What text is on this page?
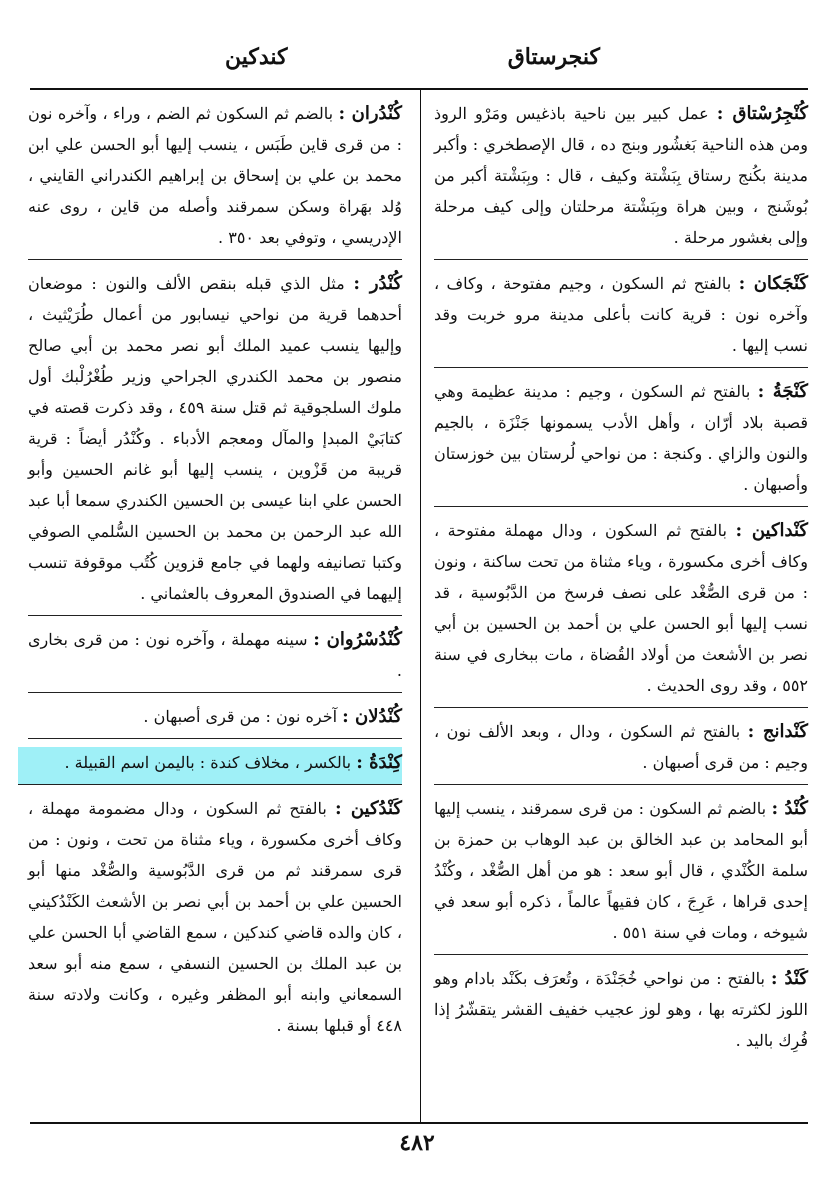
كنجرستاق
كندكين
كُنْجِرُسْتاق : عمل كبير بين ناحية باذغيس ومَرْو الروذ ومن هذه الناحية بَغشُور وبنج ده ، قال الإصطخري : وأكبر مدينة بكُنج رستاق بِبَشْتة وكيف ، قال : وبِبَشْتة أكبر من بُوشَنج ، وبين هراة وبِبَشْتة مرحلتان وإلى كيف مرحلة وإلى بغشور مرحلة .
كَنْجَكان : بالفتح ثم السكون ، وجيم مفتوحة ، وكاف ، وآخره نون : قرية كانت بأعلى مدينة مرو خربت وقد نسب إليها .
كَنْجَةُ : بالفتح ثم السكون ، وجيم : مدينة عظيمة وهي قصبة بلاد أرّان ، وأهل الأدب يسمونها جَنْزَة ، بالجيم والنون والزاي . وكنجة : من نواحي لُرستان بين خوزستان وأصبهان .
كَنْداكين : بالفتح ثم السكون ، ودال مهملة مفتوحة ، وكاف أخرى مكسورة ، وياء مثناة من تحت ساكنة ، ونون : من قرى الصُّغْد على نصف فرسخ من الدَّبُوسية ، قد نسب إليها أبو الحسن علي بن أحمد بن الحسين بن أبي نصر بن الأشعث من أولاد القُضاة ، مات ببخارى في سنة ٥٥٢ ، وقد روى الحديث .
كَنْدانج : بالفتح ثم السكون ، ودال ، وبعد الألف نون ، وجيم : من قرى أصبهان .
كُنْدُ : بالضم ثم السكون : من قرى سمرقند ، ينسب إليها أبو المحامد بن عبد الخالق بن عبد الوهاب بن حمزة بن سلمة الكُنْدي ، قال أبو سعد : هو من أهل الصُّغْد ، وكُنْدُ إحدى قراها ، عَرِجَ ، كان فقيهاً عالماً ، ذكره أبو سعد في شيوخه ، ومات في سنة ٥٥١ .
كَنْدُ : بالفتح : من نواحي خُجَنْدَة ، وتُعرَف بكَنْد بادام وهو اللوز لكثرته بها ، وهو لوز عجيب خفيف القشر يتقشّرُ إذا فُرِك باليد .
كُنْدُران : بالضم ثم السكون ثم الضم ، وراء ، وآخره نون : من قرى قاين طَبَس ، ينسب إليها أبو الحسن علي ابن محمد بن علي بن إسحاق بن إبراهيم الكندراني القايني ، وُلد بهَراة وسكن سمرقند وأصله من قاين ، روى عنه الإدريسي ، وتوفي بعد ٣٥٠ .
كُنْدُر : مثل الذي قبله بنقص الألف والنون : موضعان أحدهما قرية من نواحي نيسابور من أعمال طُرَيْثيث ، وإليها ينسب عميد الملك أبو نصر محمد بن أبي صالح منصور بن محمد الكندري الجراحي وزير طُغْرُلْبك أول ملوك السلجوقية ثم قتل سنة ٤٥٩ ، وقد ذكرت قصته في كتابَيْ المبدإ والمآل ومعجم الأدباء . وكُنْدُر أيضاً : قرية قريبة من قَزْوين ، ينسب إليها أبو غانم الحسين وأبو الحسن علي ابنا عيسى بن الحسين الكندري سمعا أبا عبد الله عبد الرحمن بن محمد بن الحسين السُّلمي الصوفي وكتبا تصانيفه ولهما في جامع قزوين كُتُب موقوفة تنسب إليهما في الصندوق المعروف بالعثماني .
كُنْدُسْرُوان : سينه مهملة ، وآخره نون : من قرى بخارى .
كُنْدُلان : آخره نون : من قرى أصبهان .
كِنْدَةُ : بالكسر ، مخلاف كندة : باليمن اسم القبيلة .
كَنْدُكين : بالفتح ثم السكون ، ودال مضمومة مهملة ، وكاف أخرى مكسورة ، وياء مثناة من تحت ، ونون : من قرى سمرقند ثم من قرى الدَّبُوسية والصُّغْد منها أبو الحسين علي بن أحمد بن أبي نصر بن الأشعث الكَنْدُكيني ، كان والده قاضي كندكين ، سمع القاضي أبا الحسن علي بن عبد الملك بن الحسين النسفي ، سمع منه أبو سعد السمعاني وابنه أبو المظفر وغيره ، وكانت ولادته سنة ٤٤٨ أو قبلها بسنة .
٤٨٢
